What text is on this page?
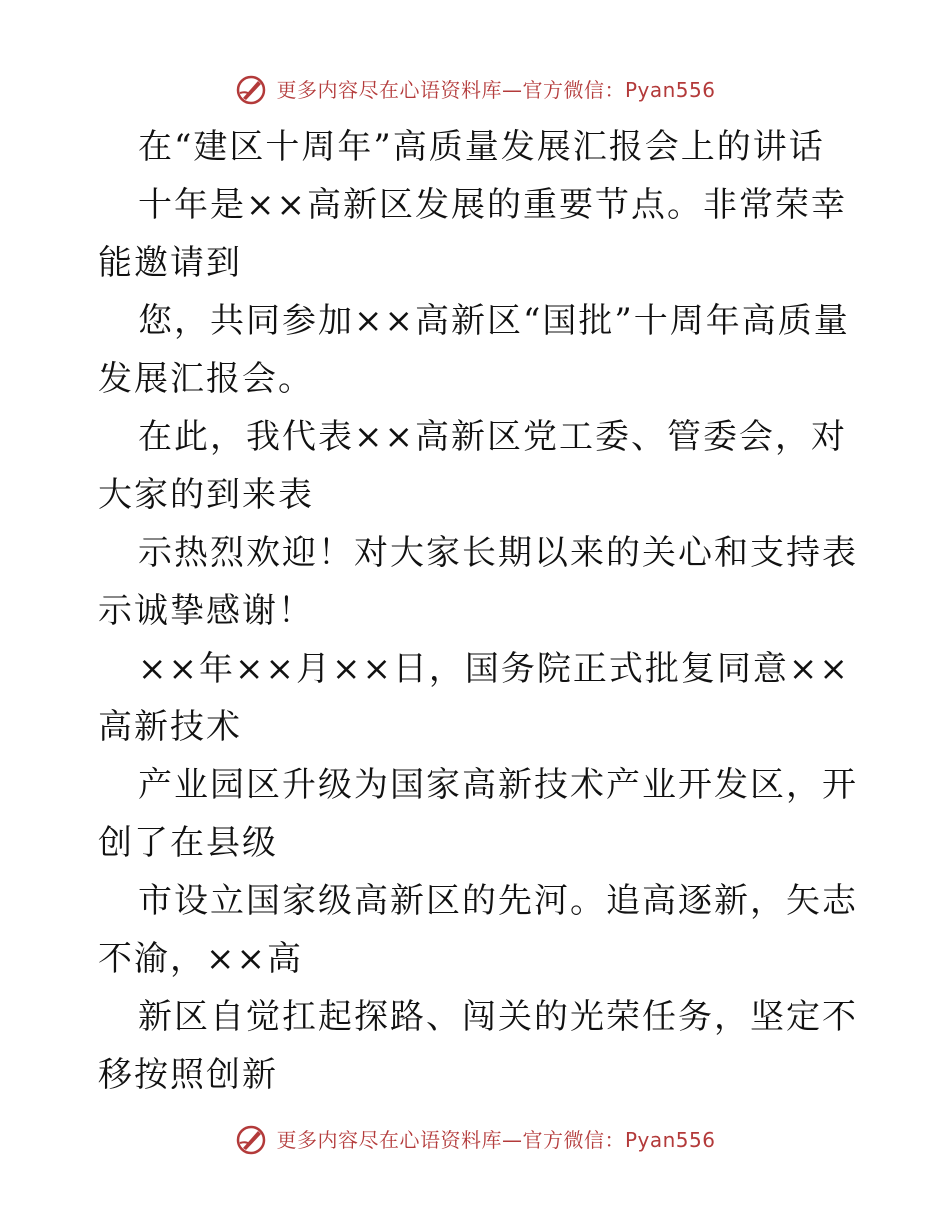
更多内容尽在心语资料库—官方微信：Pyan556

在“建区十周年”高质量发展汇报会上的讲话

十年是××高新区发展的重要节点。非常荣幸能邀请到

您，共同参加××高新区“国批”十周年高质量发展汇报会。

在此，我代表××高新区党工委、管委会，对大家的到来表

示热烈欢迎！对大家长期以来的关心和支持表示诚挚感谢！

××年××月××日，国务院正式批复同意××高新技术

产业园区升级为国家高新技术产业开发区，开创了在县级

市设立国家级高新区的先河。追高逐新，矢志不渝，××高

新区自觉扛起探路、闯关的光荣任务，坚定不移按照创新

更多内容尽在心语资料库—官方微信：Pyan556
